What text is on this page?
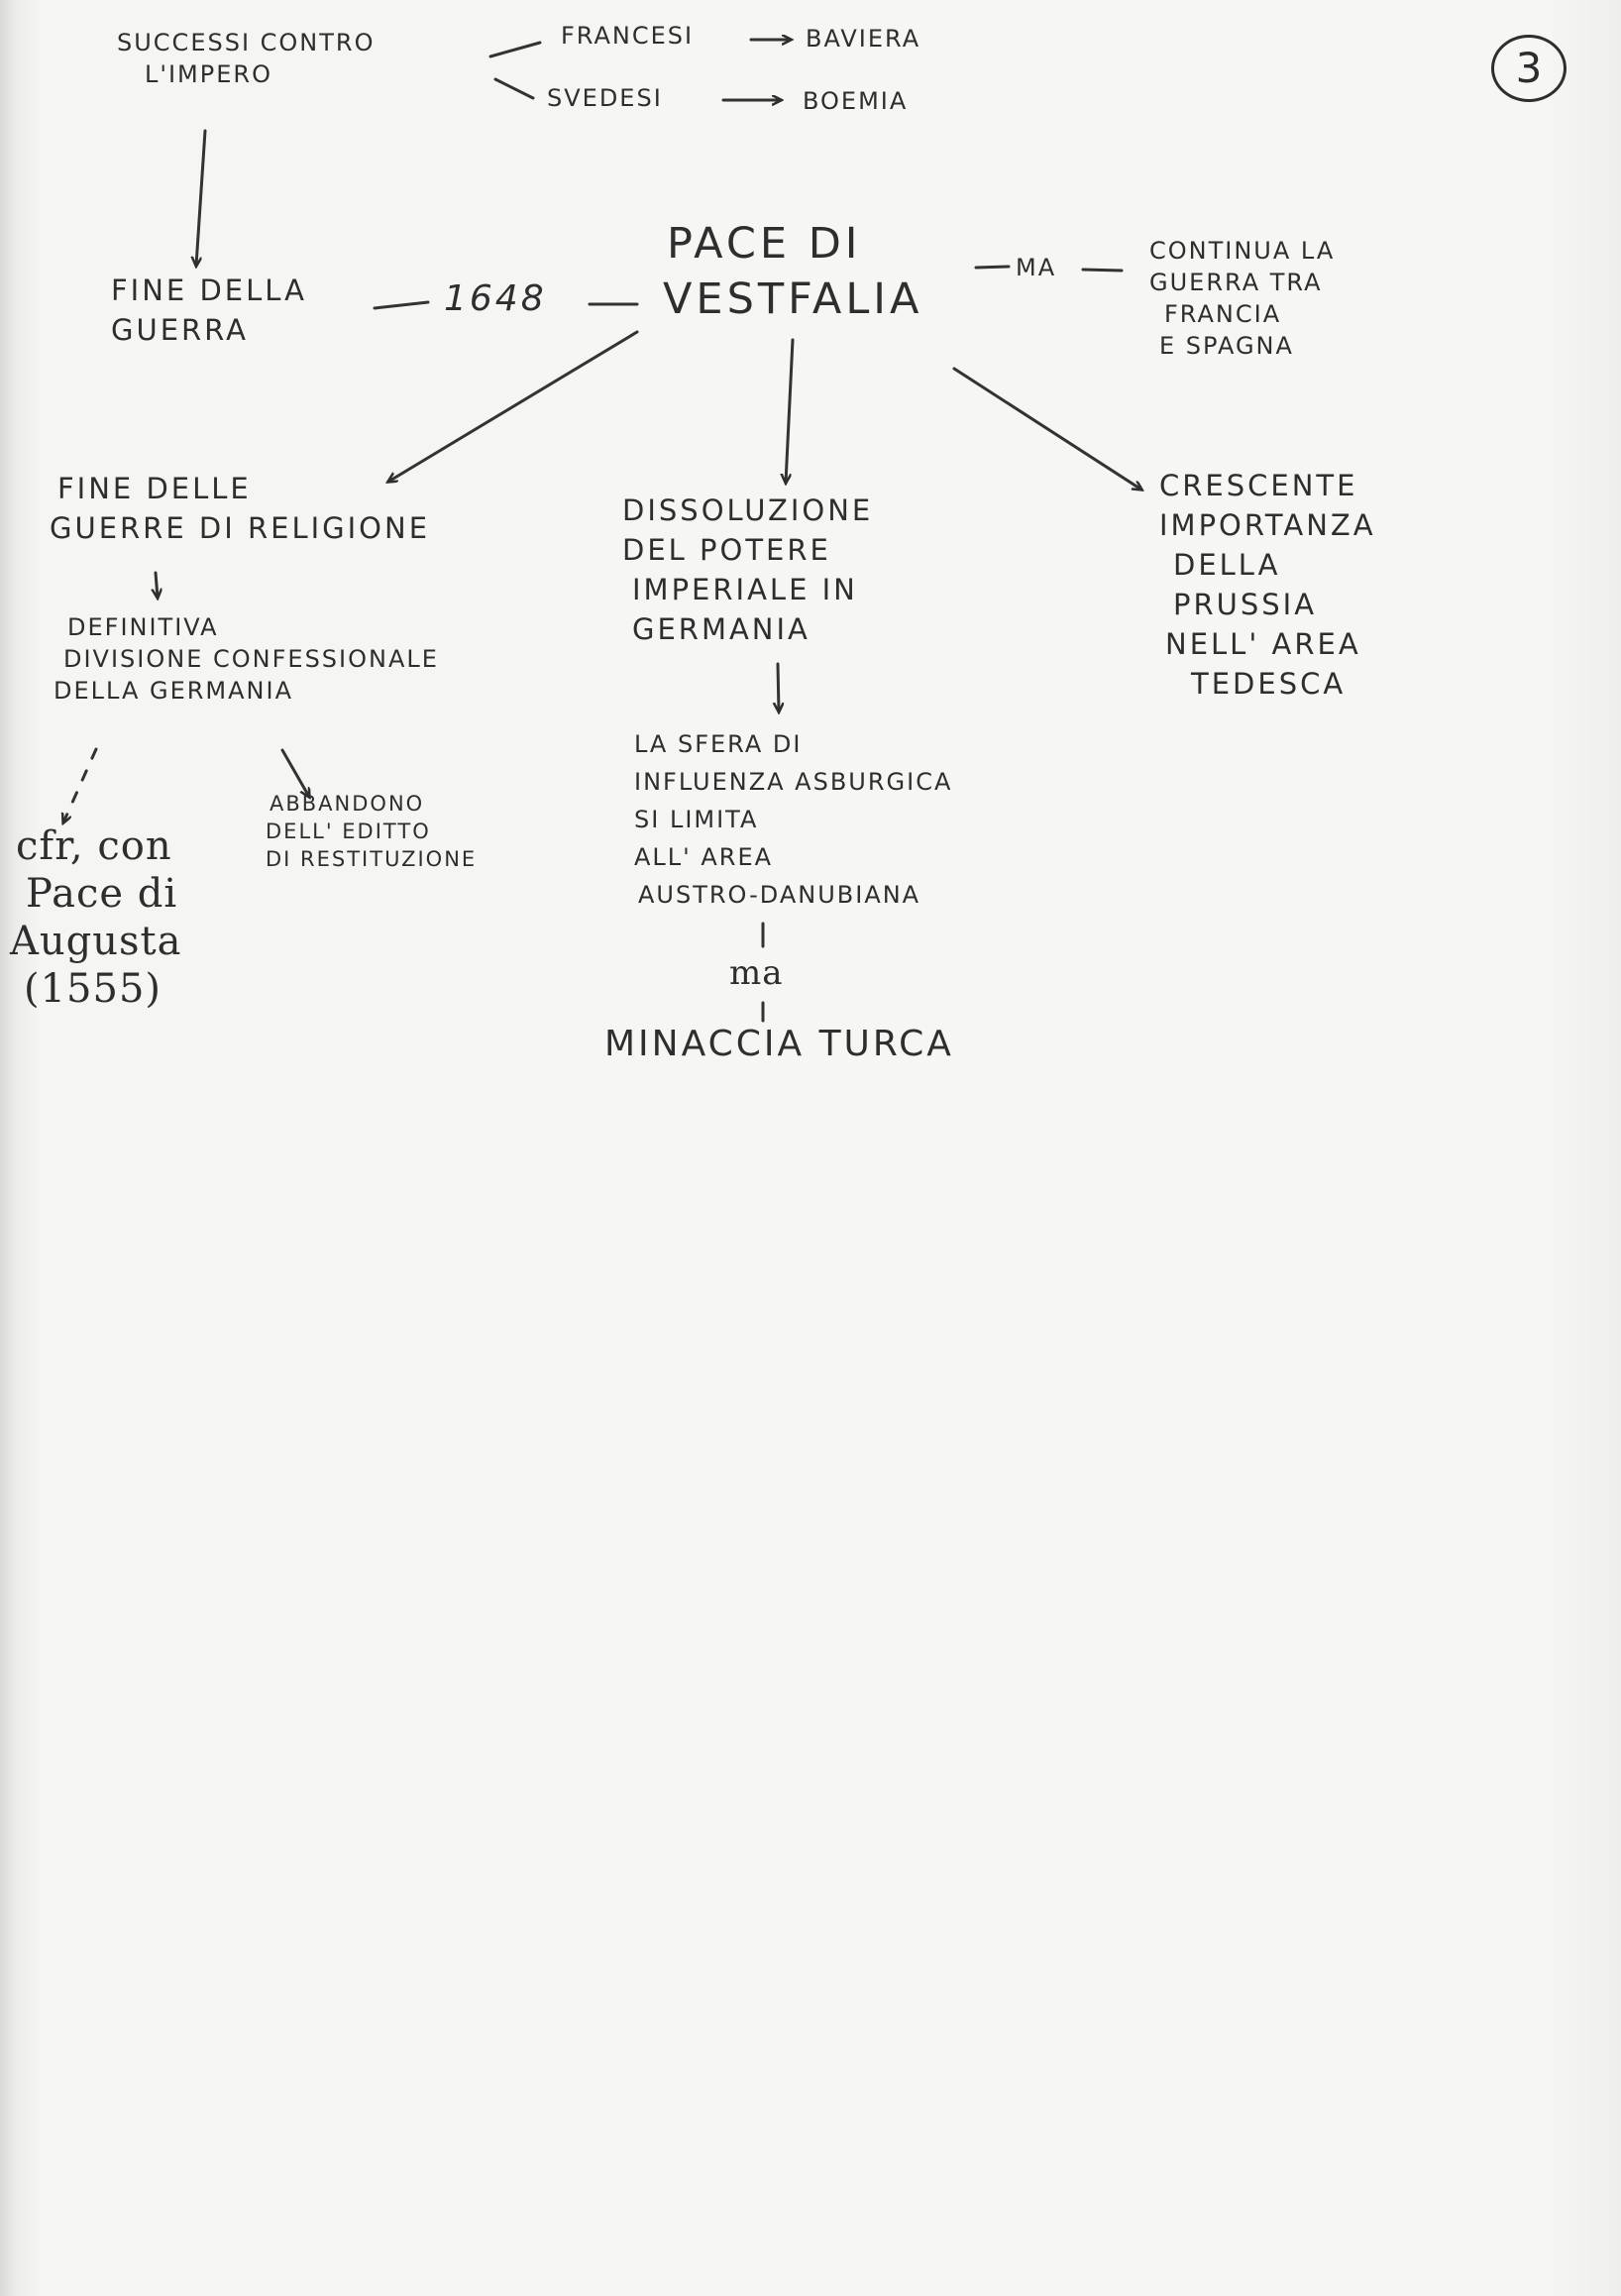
3
SUCCESSI CONTRO
L'IMPERO
FRANCESI	BAVIERA
SVEDESI	BOEMIA
FINE DELLA
GUERRA
1648
PACE DI
VESTFALIA
MA
CONTINUA LA
GUERRA TRA
FRANCIA
E SPAGNA
FINE DELLE
GUERRE DI RELIGIONE
DEFINITIVA
DIVISIONE CONFESSIONALE
DELLA GERMANIA
ABBANDONO
DELL' EDITTO
DI RESTITUZIONE
cfr, con
Pace di
Augusta
(1555)
DISSOLUZIONE
DEL POTERE
IMPERIALE IN
GERMANIA
LA SFERA DI
INFLUENZA ASBURGICA
SI LIMITA
ALL' AREA
AUSTRO-DANUBIANA
ma
MINACCIA TURCA
CRESCENTE
IMPORTANZA
DELLA
PRUSSIA
NELL' AREA
TEDESCA
